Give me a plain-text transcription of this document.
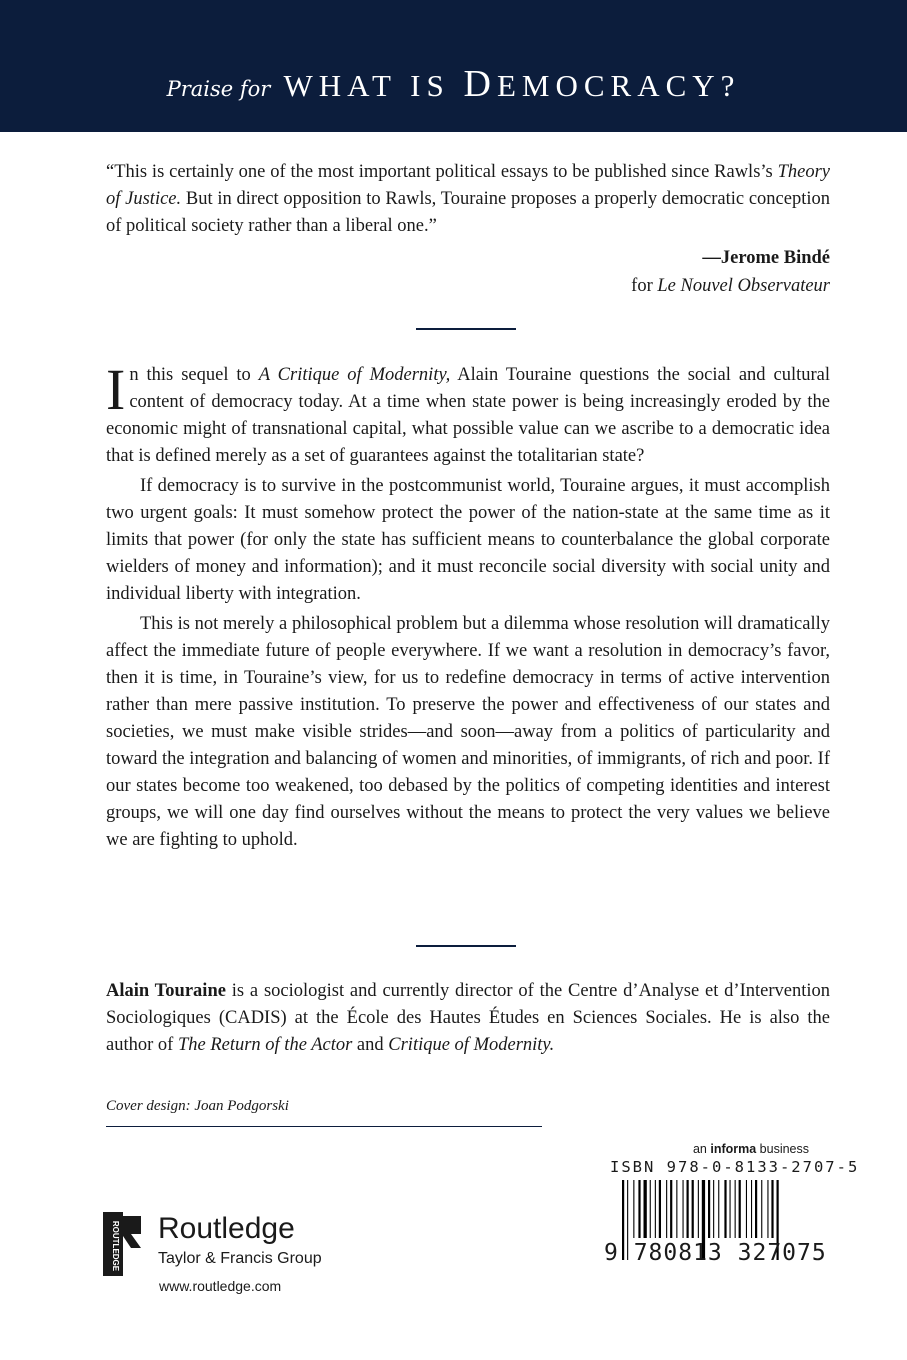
Praise for WHAT IS DEMOCRACY?
“This is certainly one of the most important political essays to be published since Rawls’s Theory of Justice. But in direct opposition to Rawls, Touraine proposes a properly democratic conception of political society rather than a liberal one.”
—Jerome Bindé
for Le Nouvel Observateur

In this sequel to A Critique of Modernity, Alain Touraine questions the social and cultural content of democracy today. At a time when state power is being increasingly eroded by the economic might of transnational capital, what possible value can we ascribe to a democratic idea that is defined merely as a set of guarantees against the totalitarian state?

If democracy is to survive in the postcommunist world, Touraine argues, it must accomplish two urgent goals: It must somehow protect the power of the nation-state at the same time as it limits that power (for only the state has sufficient means to counterbalance the global corporate wielders of money and information); and it must reconcile social diversity with social unity and individual liberty with integration.

This is not merely a philosophical problem but a dilemma whose resolution will dramatically affect the immediate future of people everywhere. If we want a resolution in democracy’s favor, then it is time, in Touraine’s view, for us to redefine democracy in terms of active intervention rather than mere passive institution. To preserve the power and effectiveness of our states and societies, we must make visible strides—and soon—away from a politics of particularity and toward the integration and balancing of women and minorities, of immigrants, of rich and poor. If our states become too weakened, too debased by the politics of competing identities and interest groups, we will one day find ourselves without the means to protect the very values we believe we are fighting to uphold.

Alain Touraine is a sociologist and currently director of the Centre d’Analyse et d’Intervention Sociologiques (CADIS) at the École des Hautes Études en Sciences Sociales. He is also the author of The Return of the Actor and Critique of Modernity.
Cover design: Joan Podgorski
ROUTLEDGE Routledge
Taylor & Francis Group
www.routledge.com
an informa business
ISBN 978-0-8133-2707-5
9 780813 327075
